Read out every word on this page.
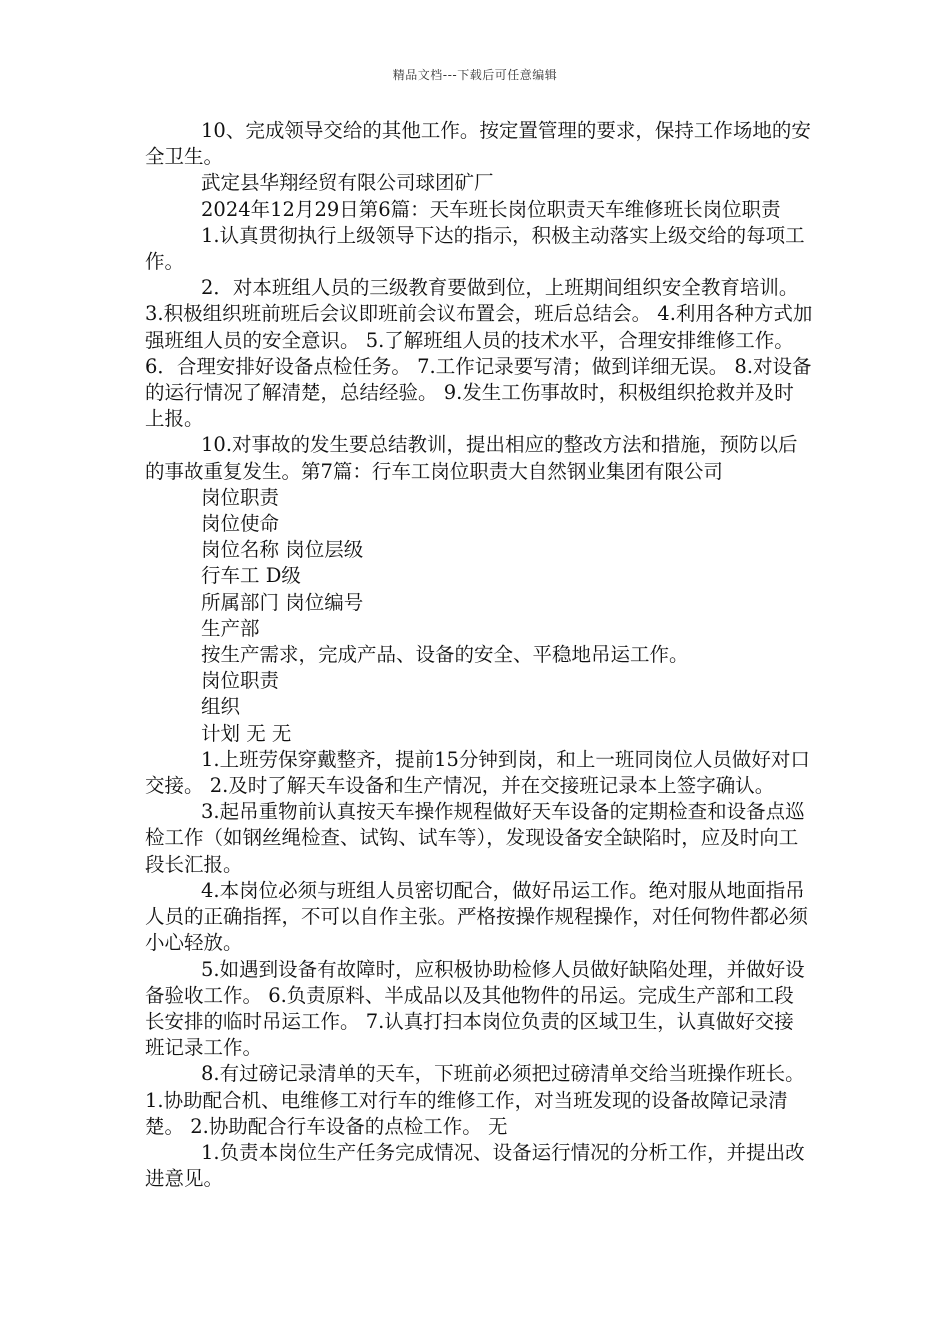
精品文档---下载后可任意编辑

10、完成领导交给的其他工作。按定置管理的要求，保持工作场地的安全卫生。

武定县华翔经贸有限公司球团矿厂

2024年12月29日第6篇：天车班长岗位职责天车维修班长岗位职责

1.认真贯彻执行上级领导下达的指示，积极主动落实上级交给的每项工作。

2．对本班组人员的三级教育要做到位，上班期间组织安全教育培训。 3.积极组织班前班后会议即班前会议布置会，班后总结会。 4.利用各种方式加强班组人员的安全意识。 5.了解班组人员的技术水平，合理安排维修工作。 6．合理安排好设备点检任务。 7.工作记录要写清；做到详细无误。 8.对设备的运行情况了解清楚，总结经验。 9.发生工伤事故时，积极组织抢救并及时上报。

10.对事故的发生要总结教训，提出相应的整改方法和措施，预防以后的事故重复发生。第7篇：行车工岗位职责大自然钢业集团有限公司

岗位职责

岗位使命

岗位名称 岗位层级

行车工 D级

所属部门 岗位编号

生产部

按生产需求，完成产品、设备的安全、平稳地吊运工作。

岗位职责

组织

计划 无 无

1.上班劳保穿戴整齐，提前15分钟到岗，和上一班同岗位人员做好对口交接。 2.及时了解天车设备和生产情况，并在交接班记录本上签字确认。

3.起吊重物前认真按天车操作规程做好天车设备的定期检查和设备点巡检工作（如钢丝绳检查、试钩、试车等），发现设备安全缺陷时，应及时向工段长汇报。

4.本岗位必须与班组人员密切配合，做好吊运工作。绝对服从地面指吊人员的正确指挥，不可以自作主张。严格按操作规程操作，对任何物件都必须小心轻放。

5.如遇到设备有故障时，应积极协助检修人员做好缺陷处理，并做好设备验收工作。 6.负责原料、半成品以及其他物件的吊运。完成生产部和工段长安排的临时吊运工作。 7.认真打扫本岗位负责的区域卫生，认真做好交接班记录工作。

8.有过磅记录清单的天车，下班前必须把过磅清单交给当班操作班长。 1.协助配合机、电维修工对行车的维修工作，对当班发现的设备故障记录清楚。 2.协助配合行车设备的点检工作。 无

1.负责本岗位生产任务完成情况、设备运行情况的分析工作，并提出改进意见。
